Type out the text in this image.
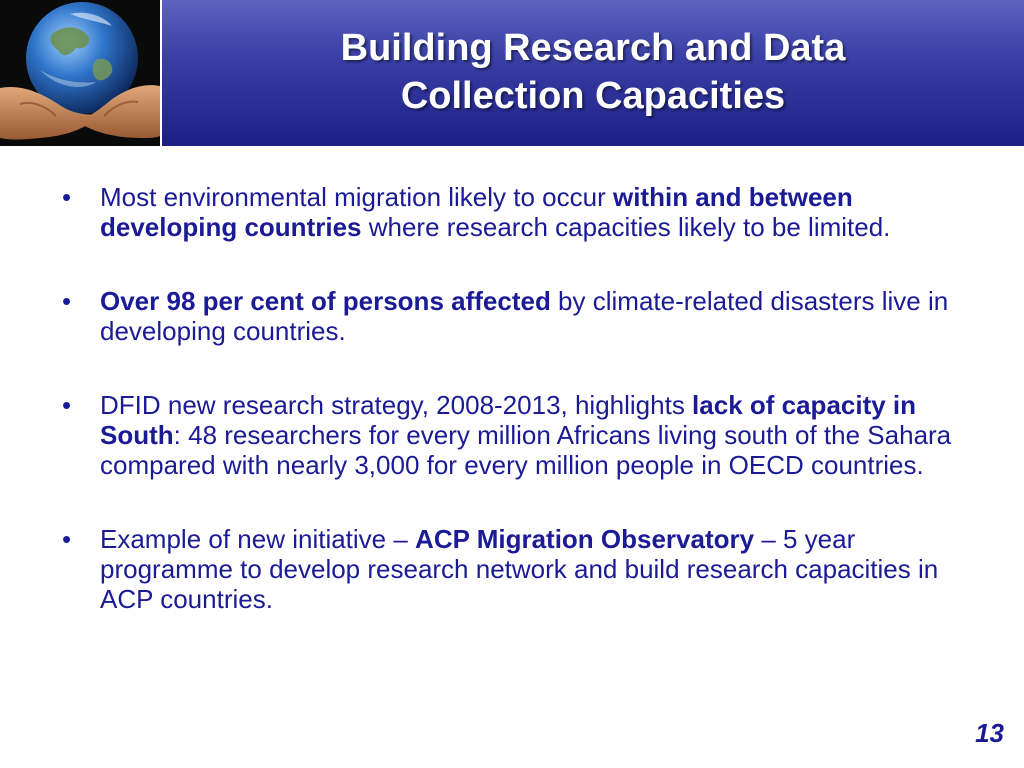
Building Research and Data
Collection Capacities
•	Most environmental migration likely to occur within and between developing countries where research capacities likely to be limited.
•	Over 98 per cent of persons affected by climate-related disasters live in developing countries.
•	DFID new research strategy, 2008-2013, highlights lack of capacity in South: 48 researchers for every million Africans living south of the Sahara compared with nearly 3,000 for every million people in OECD countries.
•	Example of new initiative – ACP Migration Observatory – 5 year programme to develop research network and build research capacities in ACP countries.
13
